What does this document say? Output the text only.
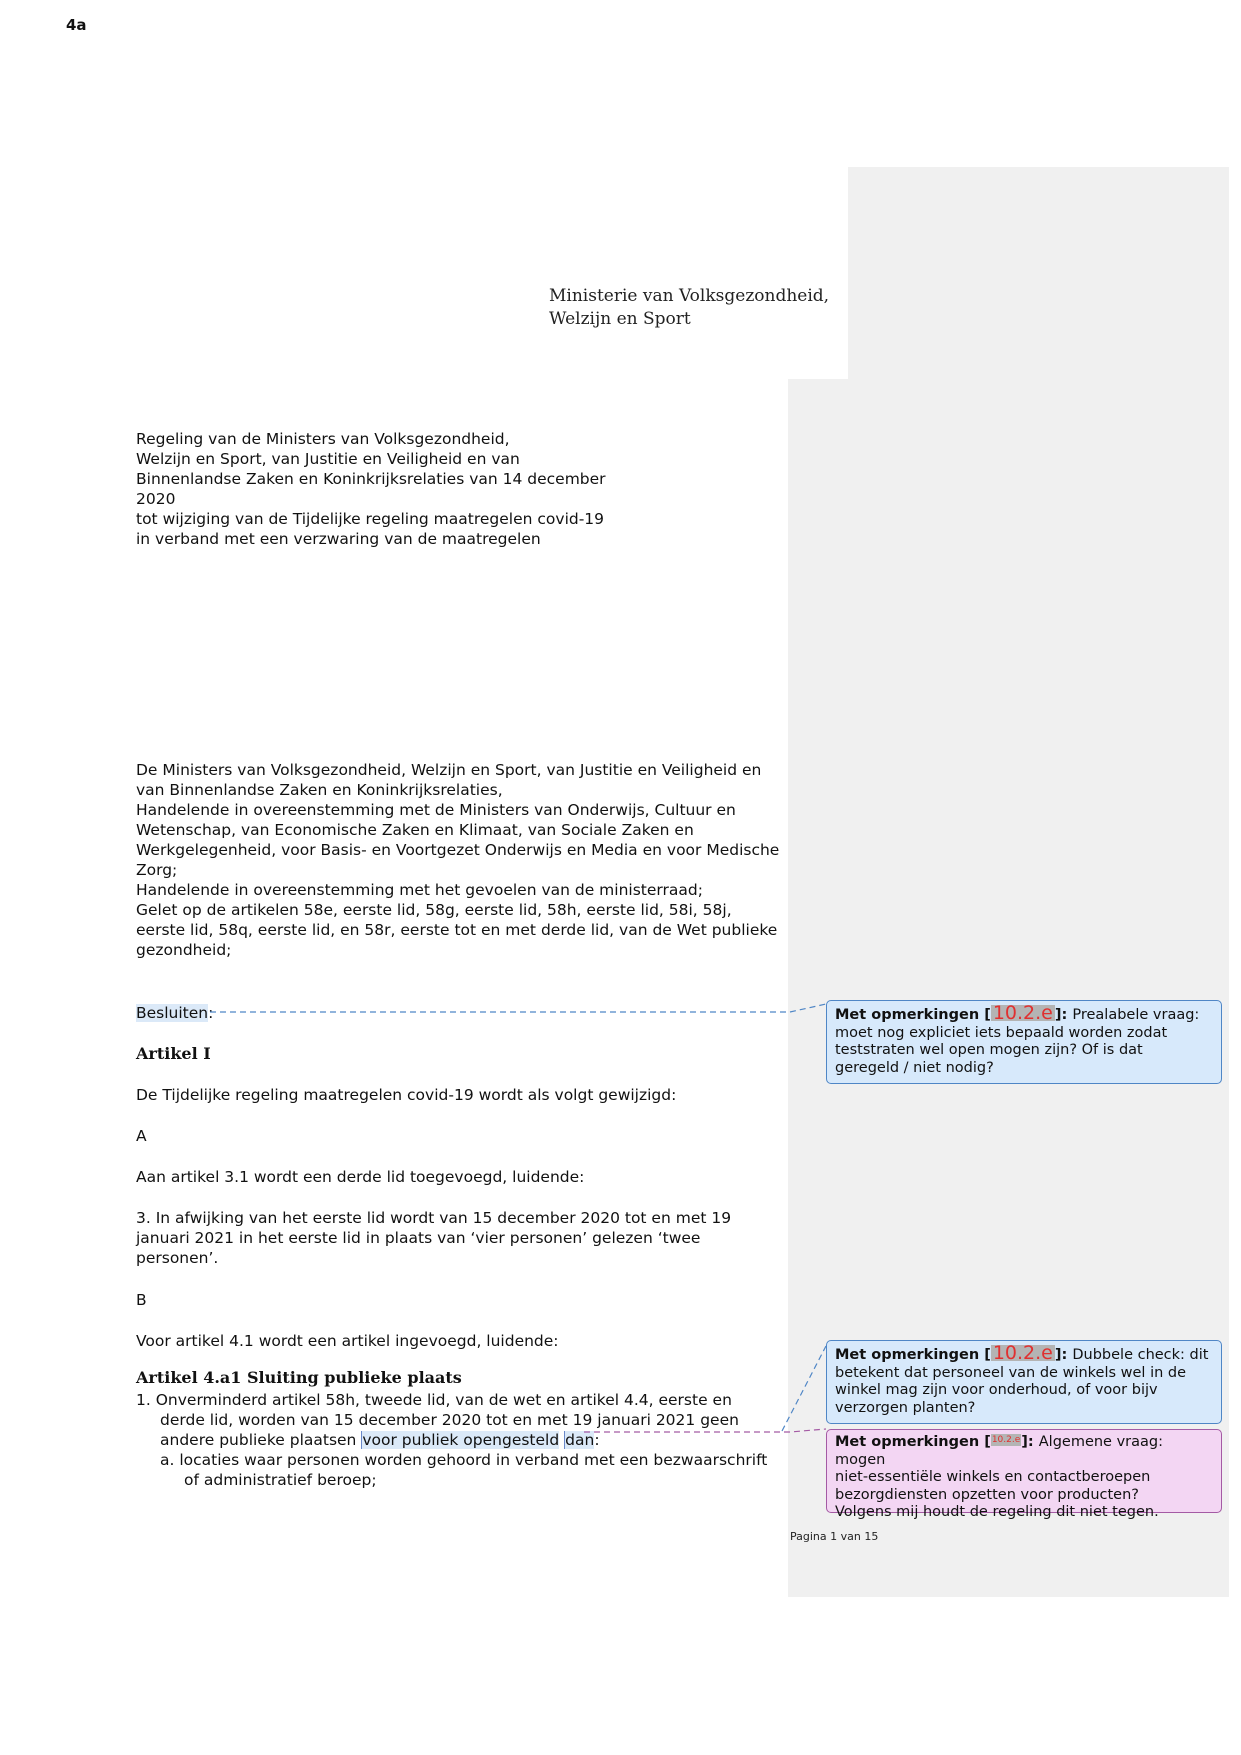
4a
Ministerie van Volksgezondheid,
Welzijn en Sport
Regeling van de Ministers van Volksgezondheid,
Welzijn en Sport, van Justitie en Veiligheid en van
Binnenlandse Zaken en Koninkrijksrelaties van 14 december
2020
tot wijziging van de Tijdelijke regeling maatregelen covid-19
in verband met een verzwaring van de maatregelen
De Ministers van Volksgezondheid, Welzijn en Sport, van Justitie en Veiligheid en
van Binnenlandse Zaken en Koninkrijksrelaties,
Handelende in overeenstemming met de Ministers van Onderwijs, Cultuur en
Wetenschap, van Economische Zaken en Klimaat, van Sociale Zaken en
Werkgelegenheid, voor Basis- en Voortgezet Onderwijs en Media en voor Medische
Zorg;
Handelende in overeenstemming met het gevoelen van de ministerraad;
Gelet op de artikelen 58e, eerste lid, 58g, eerste lid, 58h, eerste lid, 58i, 58j,
eerste lid, 58q, eerste lid, en 58r, eerste tot en met derde lid, van de Wet publieke
gezondheid;
Besluiten:
Artikel I
De Tijdelijke regeling maatregelen covid-19 wordt als volgt gewijzigd:
A
Aan artikel 3.1 wordt een derde lid toegevoegd, luidende:
3. In afwijking van het eerste lid wordt van 15 december 2020 tot en met 19
januari 2021 in het eerste lid in plaats van ‘vier personen’ gelezen ‘twee
personen’.
B
Voor artikel 4.1 wordt een artikel ingevoegd, luidende:
Artikel 4.a1 Sluiting publieke plaats
1. Onverminderd artikel 58h, tweede lid, van de wet en artikel 4.4, eerste en
derde lid, worden van 15 december 2020 tot en met 19 januari 2021 geen
andere publieke plaatsen voor publiek opengesteld dan:
a. locaties waar personen worden gehoord in verband met een bezwaarschrift
of administratief beroep;
Met opmerkingen [ 10.2.e ]: Prealabele vraag:
moet nog expliciet iets bepaald worden zodat
teststraten wel open mogen zijn? Of is dat
geregeld / niet nodig?
Met opmerkingen [ 10.2.e ]: Dubbele check: dit
betekent dat personeel van de winkels wel in de
winkel mag zijn voor onderhoud, of voor bijv
verzorgen planten?
Met opmerkingen [10.2.e]: Algemene vraag: mogen
niet-essentiële winkels en contactberoepen
bezorgdiensten opzetten voor producten?
Volgens mij houdt de regeling dit niet tegen.
Pagina 1 van 15
